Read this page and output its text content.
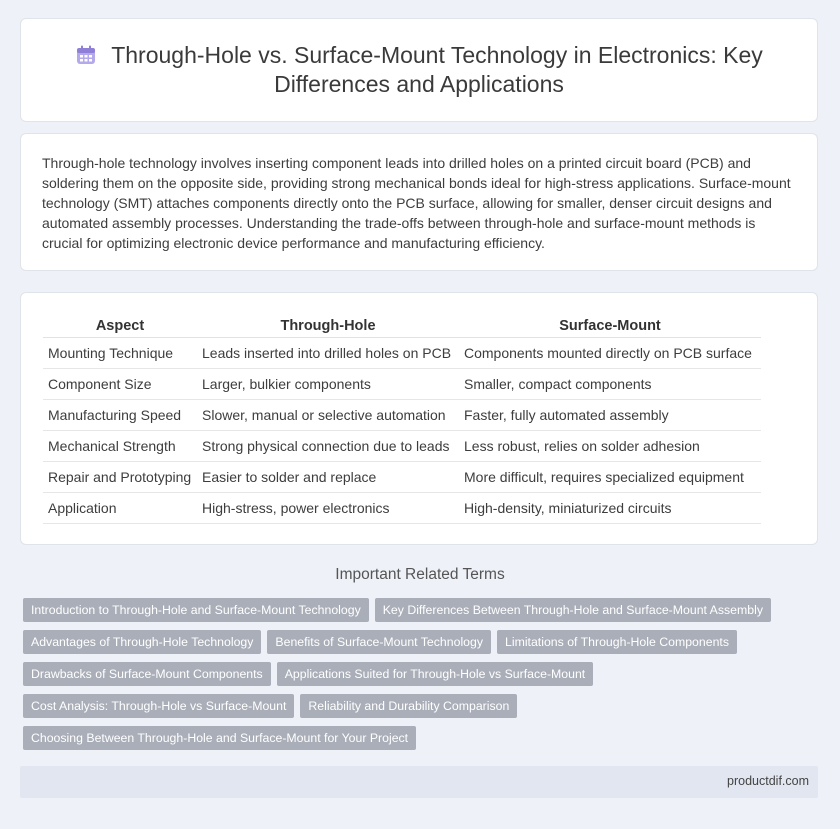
Through-Hole vs. Surface-Mount Technology in Electronics: Key Differences and Applications

Through-hole technology involves inserting component leads into drilled holes on a printed circuit board (PCB) and soldering them on the opposite side, providing strong mechanical bonds ideal for high-stress applications. Surface-mount technology (SMT) attaches components directly onto the PCB surface, allowing for smaller, denser circuit designs and automated assembly processes. Understanding the trade-offs between through-hole and surface-mount methods is crucial for optimizing electronic device performance and manufacturing efficiency.

Aspect	Through-Hole	Surface-Mount
Mounting Technique	Leads inserted into drilled holes on PCB	Components mounted directly on PCB surface
Component Size	Larger, bulkier components	Smaller, compact components
Manufacturing Speed	Slower, manual or selective automation	Faster, fully automated assembly
Mechanical Strength	Strong physical connection due to leads	Less robust, relies on solder adhesion
Repair and Prototyping	Easier to solder and replace	More difficult, requires specialized equipment
Application	High-stress, power electronics	High-density, miniaturized circuits
Important Related Terms
Introduction to Through-Hole and Surface-Mount Technology	Key Differences Between Through-Hole and Surface-Mount Assembly
Advantages of Through-Hole Technology	Benefits of Surface-Mount Technology	Limitations of Through-Hole Components
Drawbacks of Surface-Mount Components	Applications Suited for Through-Hole vs Surface-Mount
Cost Analysis: Through-Hole vs Surface-Mount	Reliability and Durability Comparison
Choosing Between Through-Hole and Surface-Mount for Your Project
productdif.com
